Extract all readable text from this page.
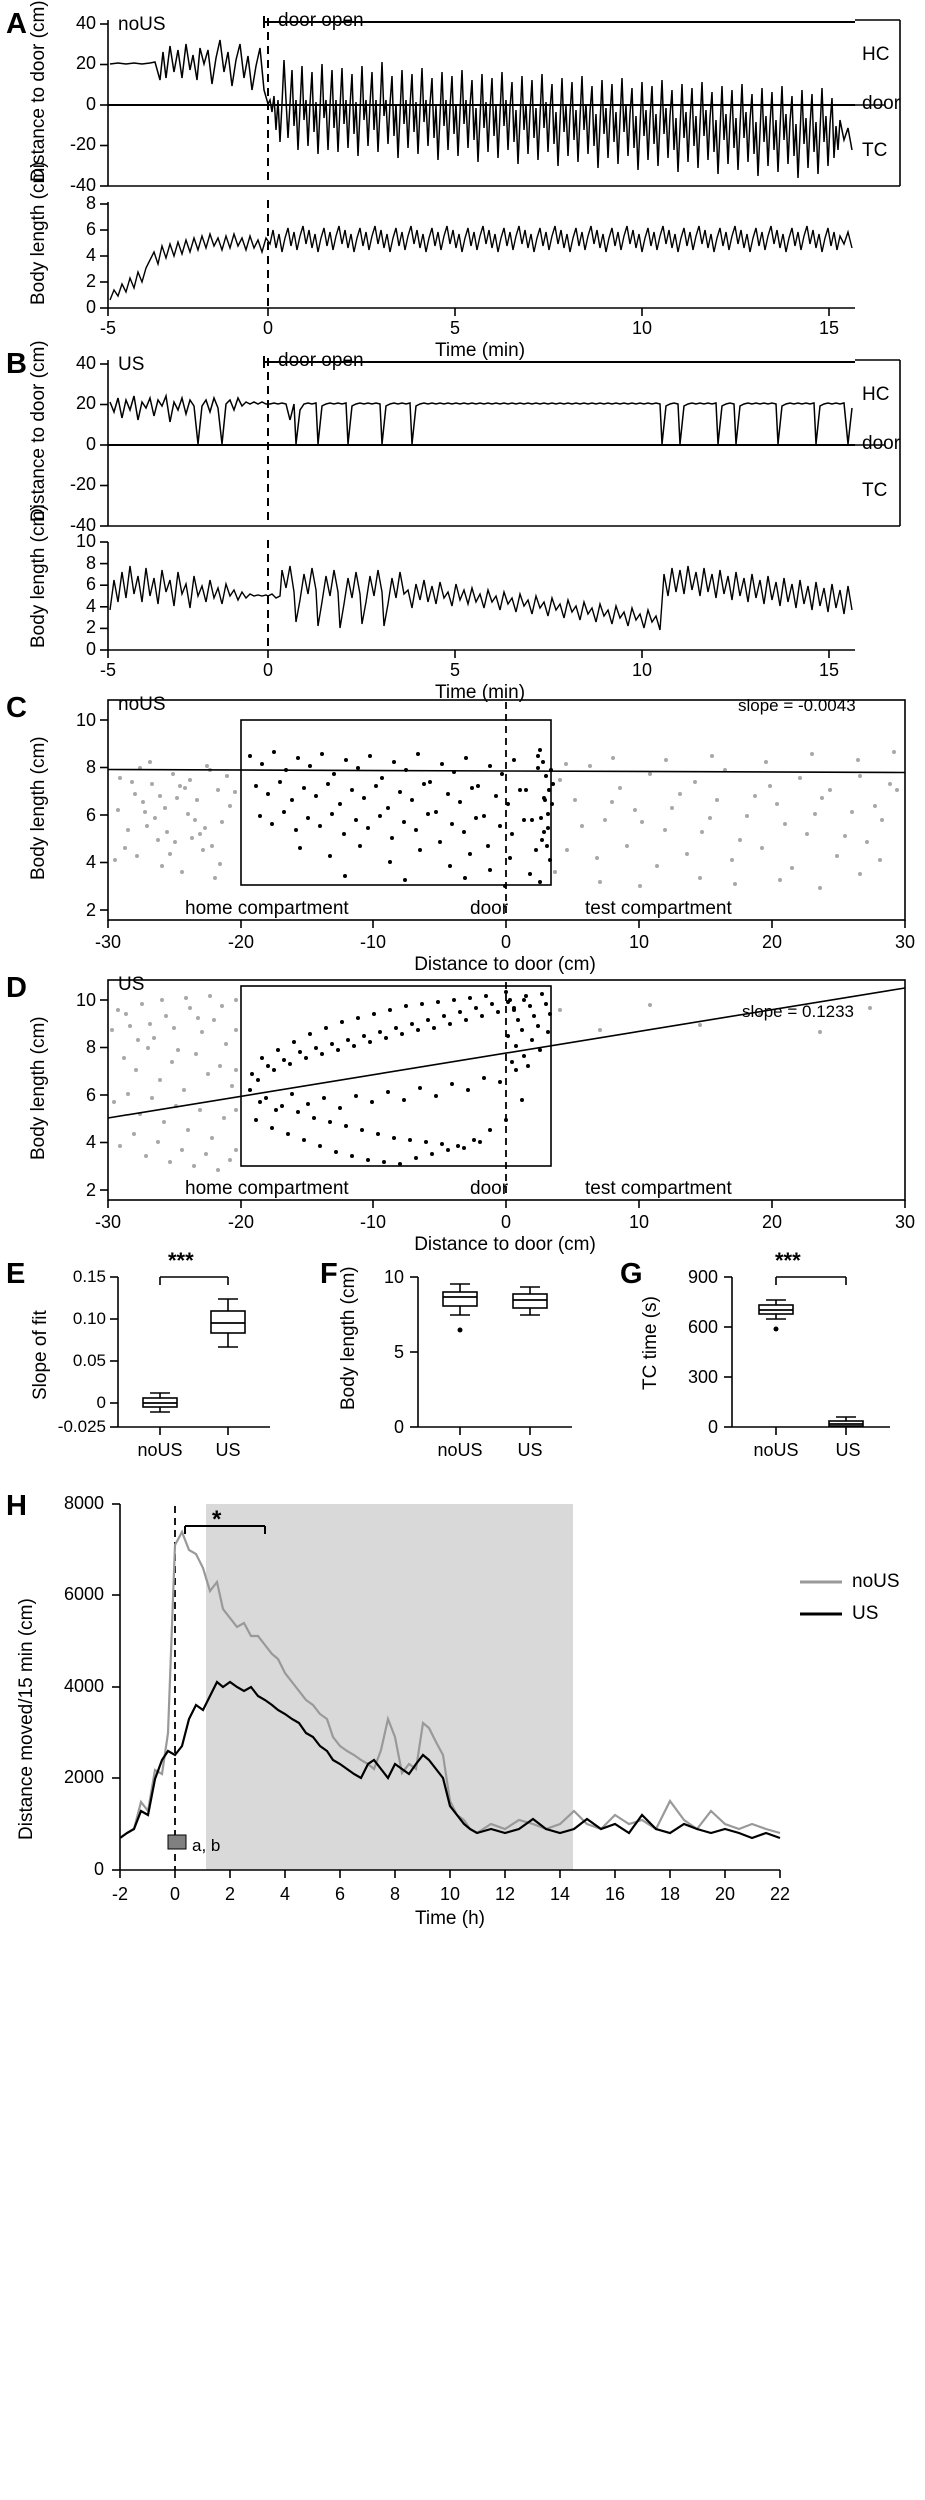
A Distance to door (cm)
Body length (cm)	-40
-20
0
20
40
0
2
4
6
8
-5	0	5	10	15
Time (min)
noUS	door open
HC
door
TC
B Distance to door (cm)
Body length (cm)	-40
-20
0
20
40
0
2
4
6
8
10
-5	0	5	10	15
Time (min)
US	door open
HC
door
TC
C
Body length (cm)
2
4
6
8
10
-30	-20	-10	0	10	20	30
Distance to door (cm)
noUS	slope = -0.0043
home compartment	door	test compartment
D
Body length (cm)
2
4
6
8
10
-30	-20	-10	0	10	20	30
Distance to door (cm)
US
slope = 0.1233
home compartment	door	test compartment
E	***
Slope of fit
-0.025
0
0.05
0.10
0.15
noUS	US
F Body length (cm)
0
5
10
noUS	US
G	***
TC time (s)
0
300
600
900
noUS	US
H	*
a, b
Distance moved/15 min (cm)
0
2000
4000
6000
8000
-2	0	2	4	6	8	10	12	14	16	18	20	22
Time (h)
noUS
US
